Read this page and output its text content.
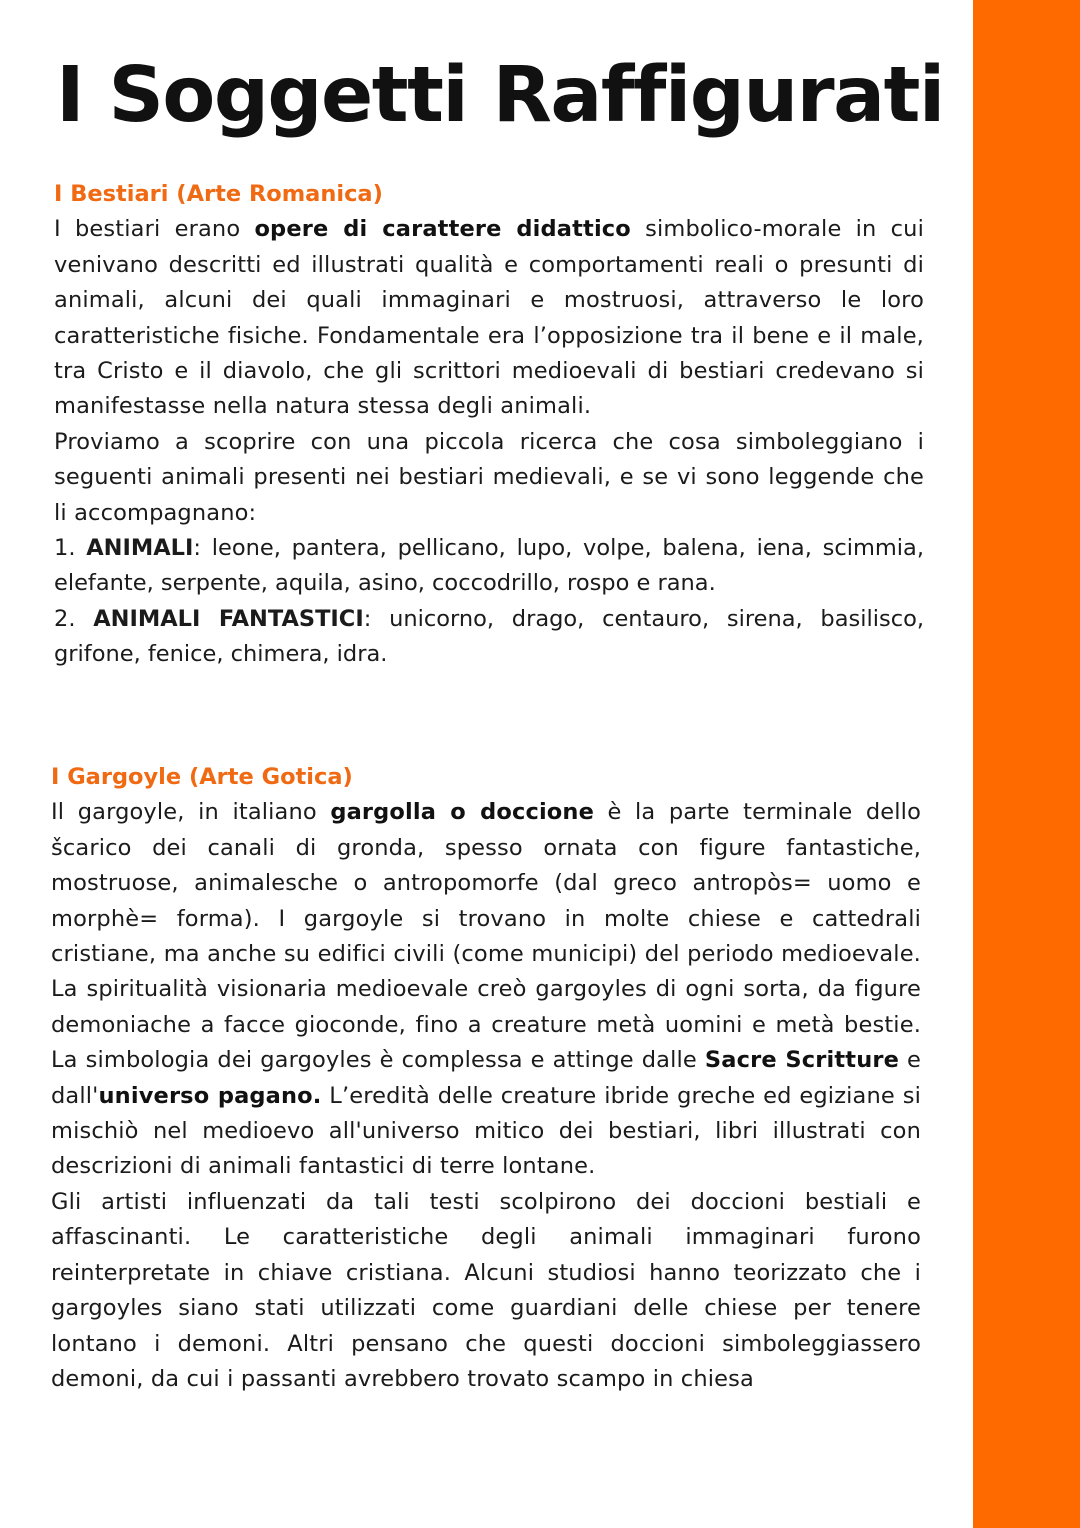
I Soggetti Raffigurati
I Bestiari (Arte Romanica)

I bestiari erano opere di carattere didattico simbolico-morale in cui venivano descritti ed illustrati qualità e comportamenti reali o presunti di animali, alcuni dei quali immaginari e mostruosi, attraverso le loro caratteristiche fisiche. Fondamentale era l’opposizione tra il bene e il male, tra Cristo e il diavolo, che gli scrittori medioevali di bestiari credevano si manifestasse nella natura stessa degli animali.

Proviamo a scoprire con una piccola ricerca che cosa simboleggiano i seguenti animali presenti nei bestiari medievali, e se vi sono leggende che li accompagnano:

1. ANIMALI: leone, pantera, pellicano, lupo, volpe, balena, iena, scimmia, elefante, serpente, aquila, asino, coccodrillo, rospo e rana.
2. ANIMALI FANTASTICI: unicorno, drago, centauro, sirena, basilisco, grifone, fenice, chimera, idra.
I Gargoyle (Arte Gotica)

Il gargoyle, in italiano gargolla o doccione è la parte terminale dello šcarico dei canali di gronda, spesso ornata con figure fantastiche, mostruose, animalesche o antropomorfe (dal greco antropòs= uomo e morphè= forma). I gargoyle si trovano in molte chiese e cattedrali cristiane, ma anche su edifici civili (come municipi) del periodo medioevale. La spiritualità visionaria medioevale creò gargoyles di ogni sorta, da figure demoniache a facce gioconde, fino a creature metà uomini e metà bestie. La simbologia dei gargoyles è complessa e attinge dalle Sacre Scritture e dall'universo pagano. L’eredità delle creature ibride greche ed egiziane si mischiò nel medioevo all'universo mitico dei bestiari, libri illustrati con descrizioni di animali fantastici di terre lontane.

Gli artisti influenzati da tali testi scolpirono dei doccioni bestiali e affascinanti. Le caratteristiche degli animali immaginari furono reinterpretate in chiave cristiana. Alcuni studiosi hanno teorizzato che i gargoyles siano stati utilizzati come guardiani delle chiese per tenere lontano i demoni. Altri pensano che questi doccioni simboleggiassero demoni, da cui i passanti avrebbero trovato scampo in chiesa
